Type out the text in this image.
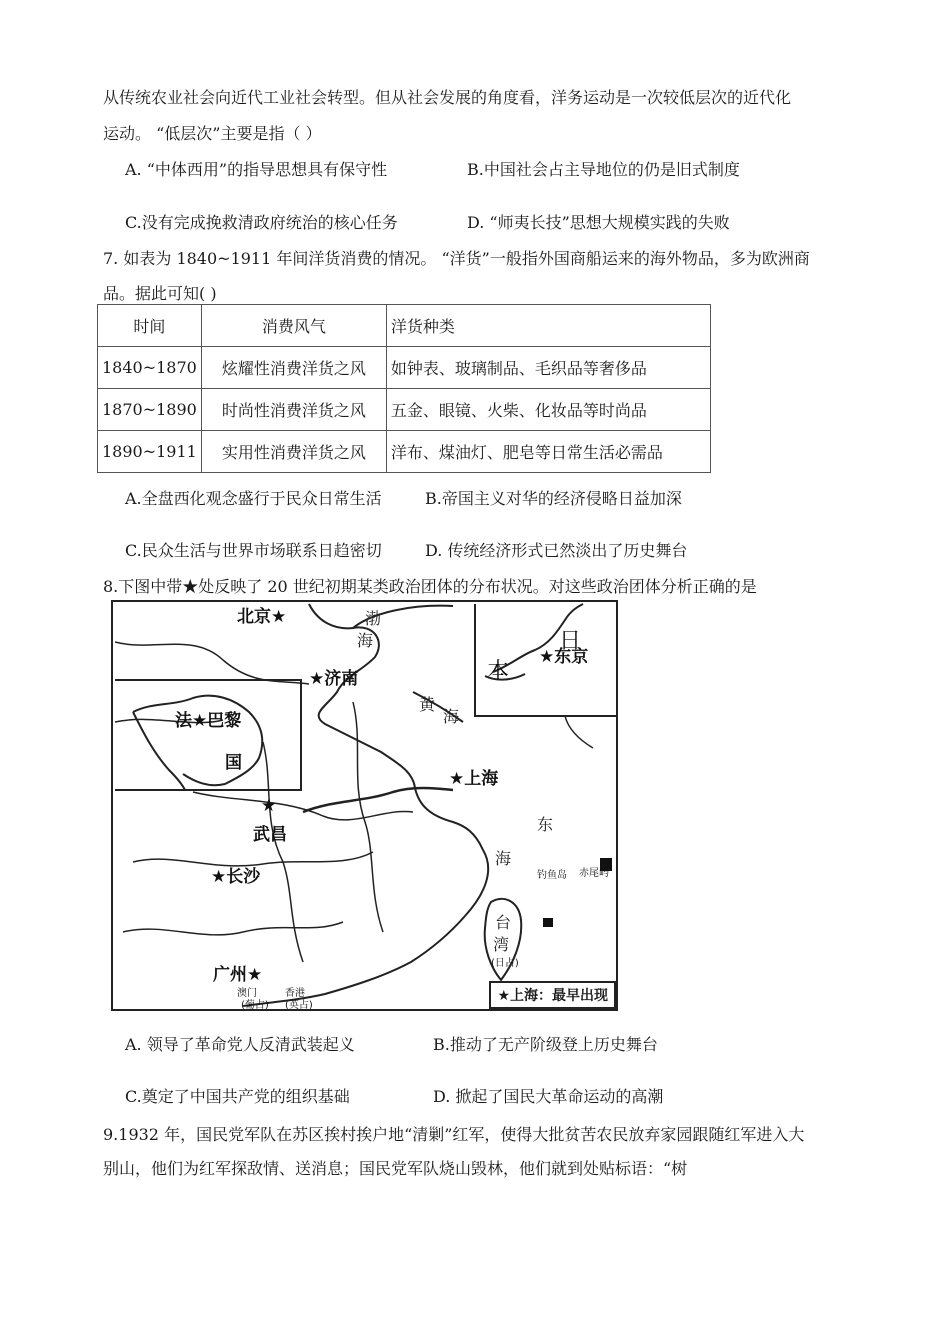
从传统农业社会向近代工业社会转型。但从社会发展的角度看，洋务运动是一次较低层次的近代化
运动。 “低层次”主要是指（ ）
A. “中体西用”的指导思想具有保守性	B.中国社会占主导地位的仍是旧式制度
C.没有完成挽救清政府统治的核心任务	D. “师夷长技”思想大规模实践的失败
7. 如表为 1840~1911 年间洋货消费的情况。 “洋货”一般指外国商船运来的海外物品，多为欧洲商
品。据此可知( )
时间	消费风气	洋货种类
1840~1870	炫耀性消费洋货之风	如钟表、玻璃制品、毛织品等奢侈品
1870~1890	时尚性消费洋货之风	五金、眼镜、火柴、化妆品等时尚品
1890~1911	实用性消费洋货之风	洋布、煤油灯、肥皂等日常生活必需品
A.全盘西化观念盛行于民众日常生活	B.帝国主义对华的经济侵略日益加深
C.民众生活与世界市场联系日趋密切	D. 传统经济形式已然淡出了历史舞台
8.下图中带★处反映了 20 世纪初期某类政治团体的分布状况。对这些政治团体分析正确的是
北京★
★济南
法★巴黎
国
★上海
★
武昌
★长沙
广州★
★东京
日
本
渤
海
黄
海
东
海
澳门
(葡占)
香港
(英占)
钓鱼岛 赤尾屿
台
湾
(日占)
★上海：最早出现
A. 领导了革命党人反清武装起义	B.推动了无产阶级登上历史舞台
C.奠定了中国共产党的组织基础	D. 掀起了国民大革命运动的高潮
9.1932 年，国民党军队在苏区挨村挨户地“清剿”红军，使得大批贫苦农民放弃家园跟随红军进入大
别山，他们为红军探敌情、送消息；国民党军队烧山毁林，他们就到处贴标语：“树
